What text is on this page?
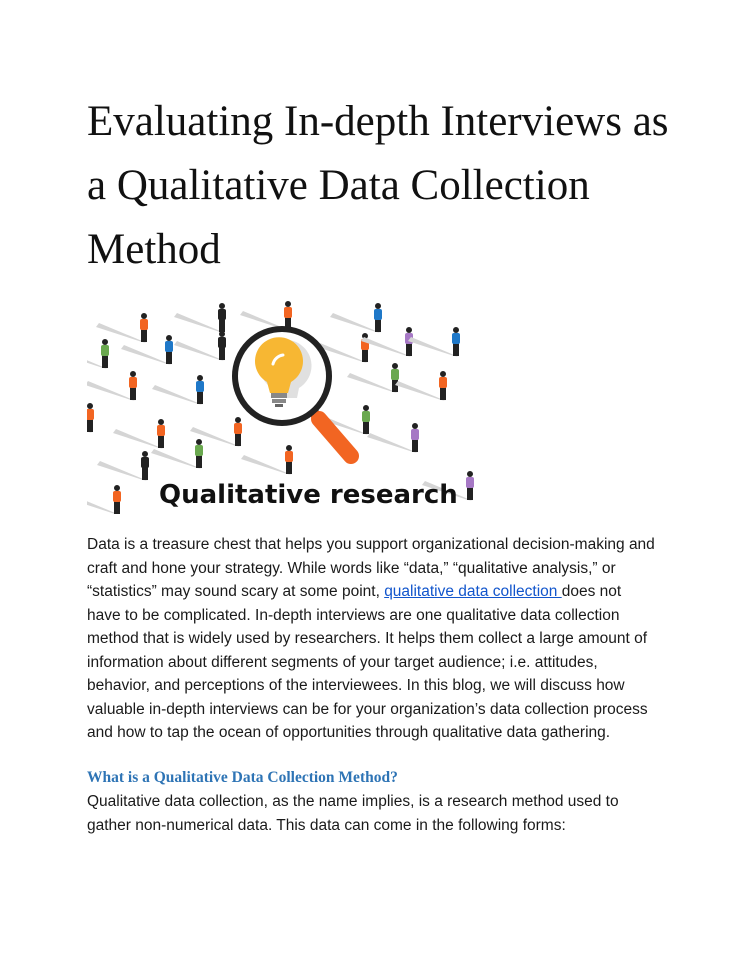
Evaluating In-depth Interviews as a Qualitative Data Collection Method
Qualitative research

Data is a treasure chest that helps you support organizational decision-making and craft and hone your strategy. While words like “data,” “qualitative analysis,” or “statistics” may sound scary at some point, qualitative data collection does not have to be complicated. In-depth interviews are one qualitative data collection method that is widely used by researchers. It helps them collect a large amount of information about different segments of your target audience; i.e. attitudes, behavior, and perceptions of the interviewees. In this blog, we will discuss how valuable in-depth interviews can be for your organization’s data collection process and how to tap the ocean of opportunities through qualitative data gathering.

What is a Qualitative Data Collection Method?

Qualitative data collection, as the name implies, is a research method used to gather non-numerical data. This data can come in the following forms:
